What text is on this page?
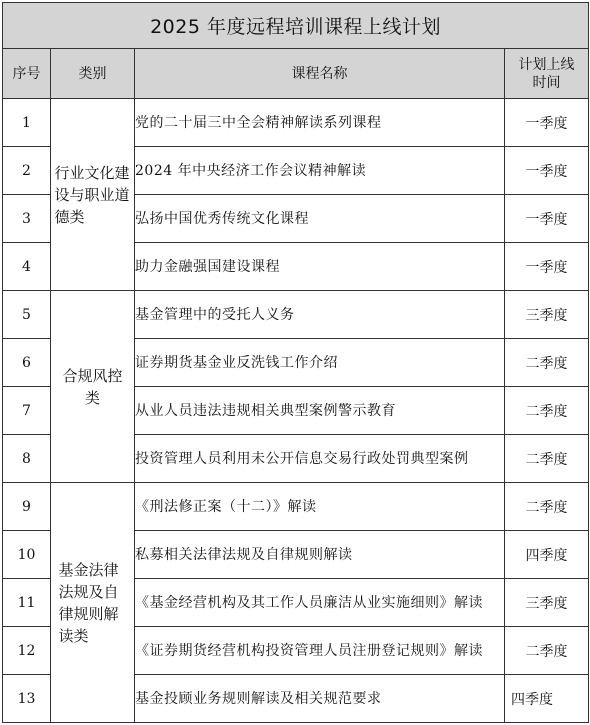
2025 年度远程培训课程上线计划			
序号	类别	课程名称	计划上线时间
1	行业文化建设与职业道德类	党的二十届三中全会精神解读系列课程	一季度
2		2024 年中央经济工作会议精神解读	一季度
3		弘扬中国优秀传统文化课程	一季度
4		助力金融强国建设课程	一季度
5	合规风控类	基金管理中的受托人义务	三季度
6		证券期货基金业反洗钱工作介绍	二季度
7		从业人员违法违规相关典型案例警示教育	二季度
8		投资管理人员利用未公开信息交易行政处罚典型案例	二季度
9	基金法律法规及自律规则解读类	《刑法修正案（十二）》解读	二季度
10		私募相关法律法规及自律规则解读	四季度
11		《基金经营机构及其工作人员廉洁从业实施细则》解读	三季度
12		《证券期货经营机构投资管理人员注册登记规则》解读	二季度
13		基金投顾业务规则解读及相关规范要求	四季度
